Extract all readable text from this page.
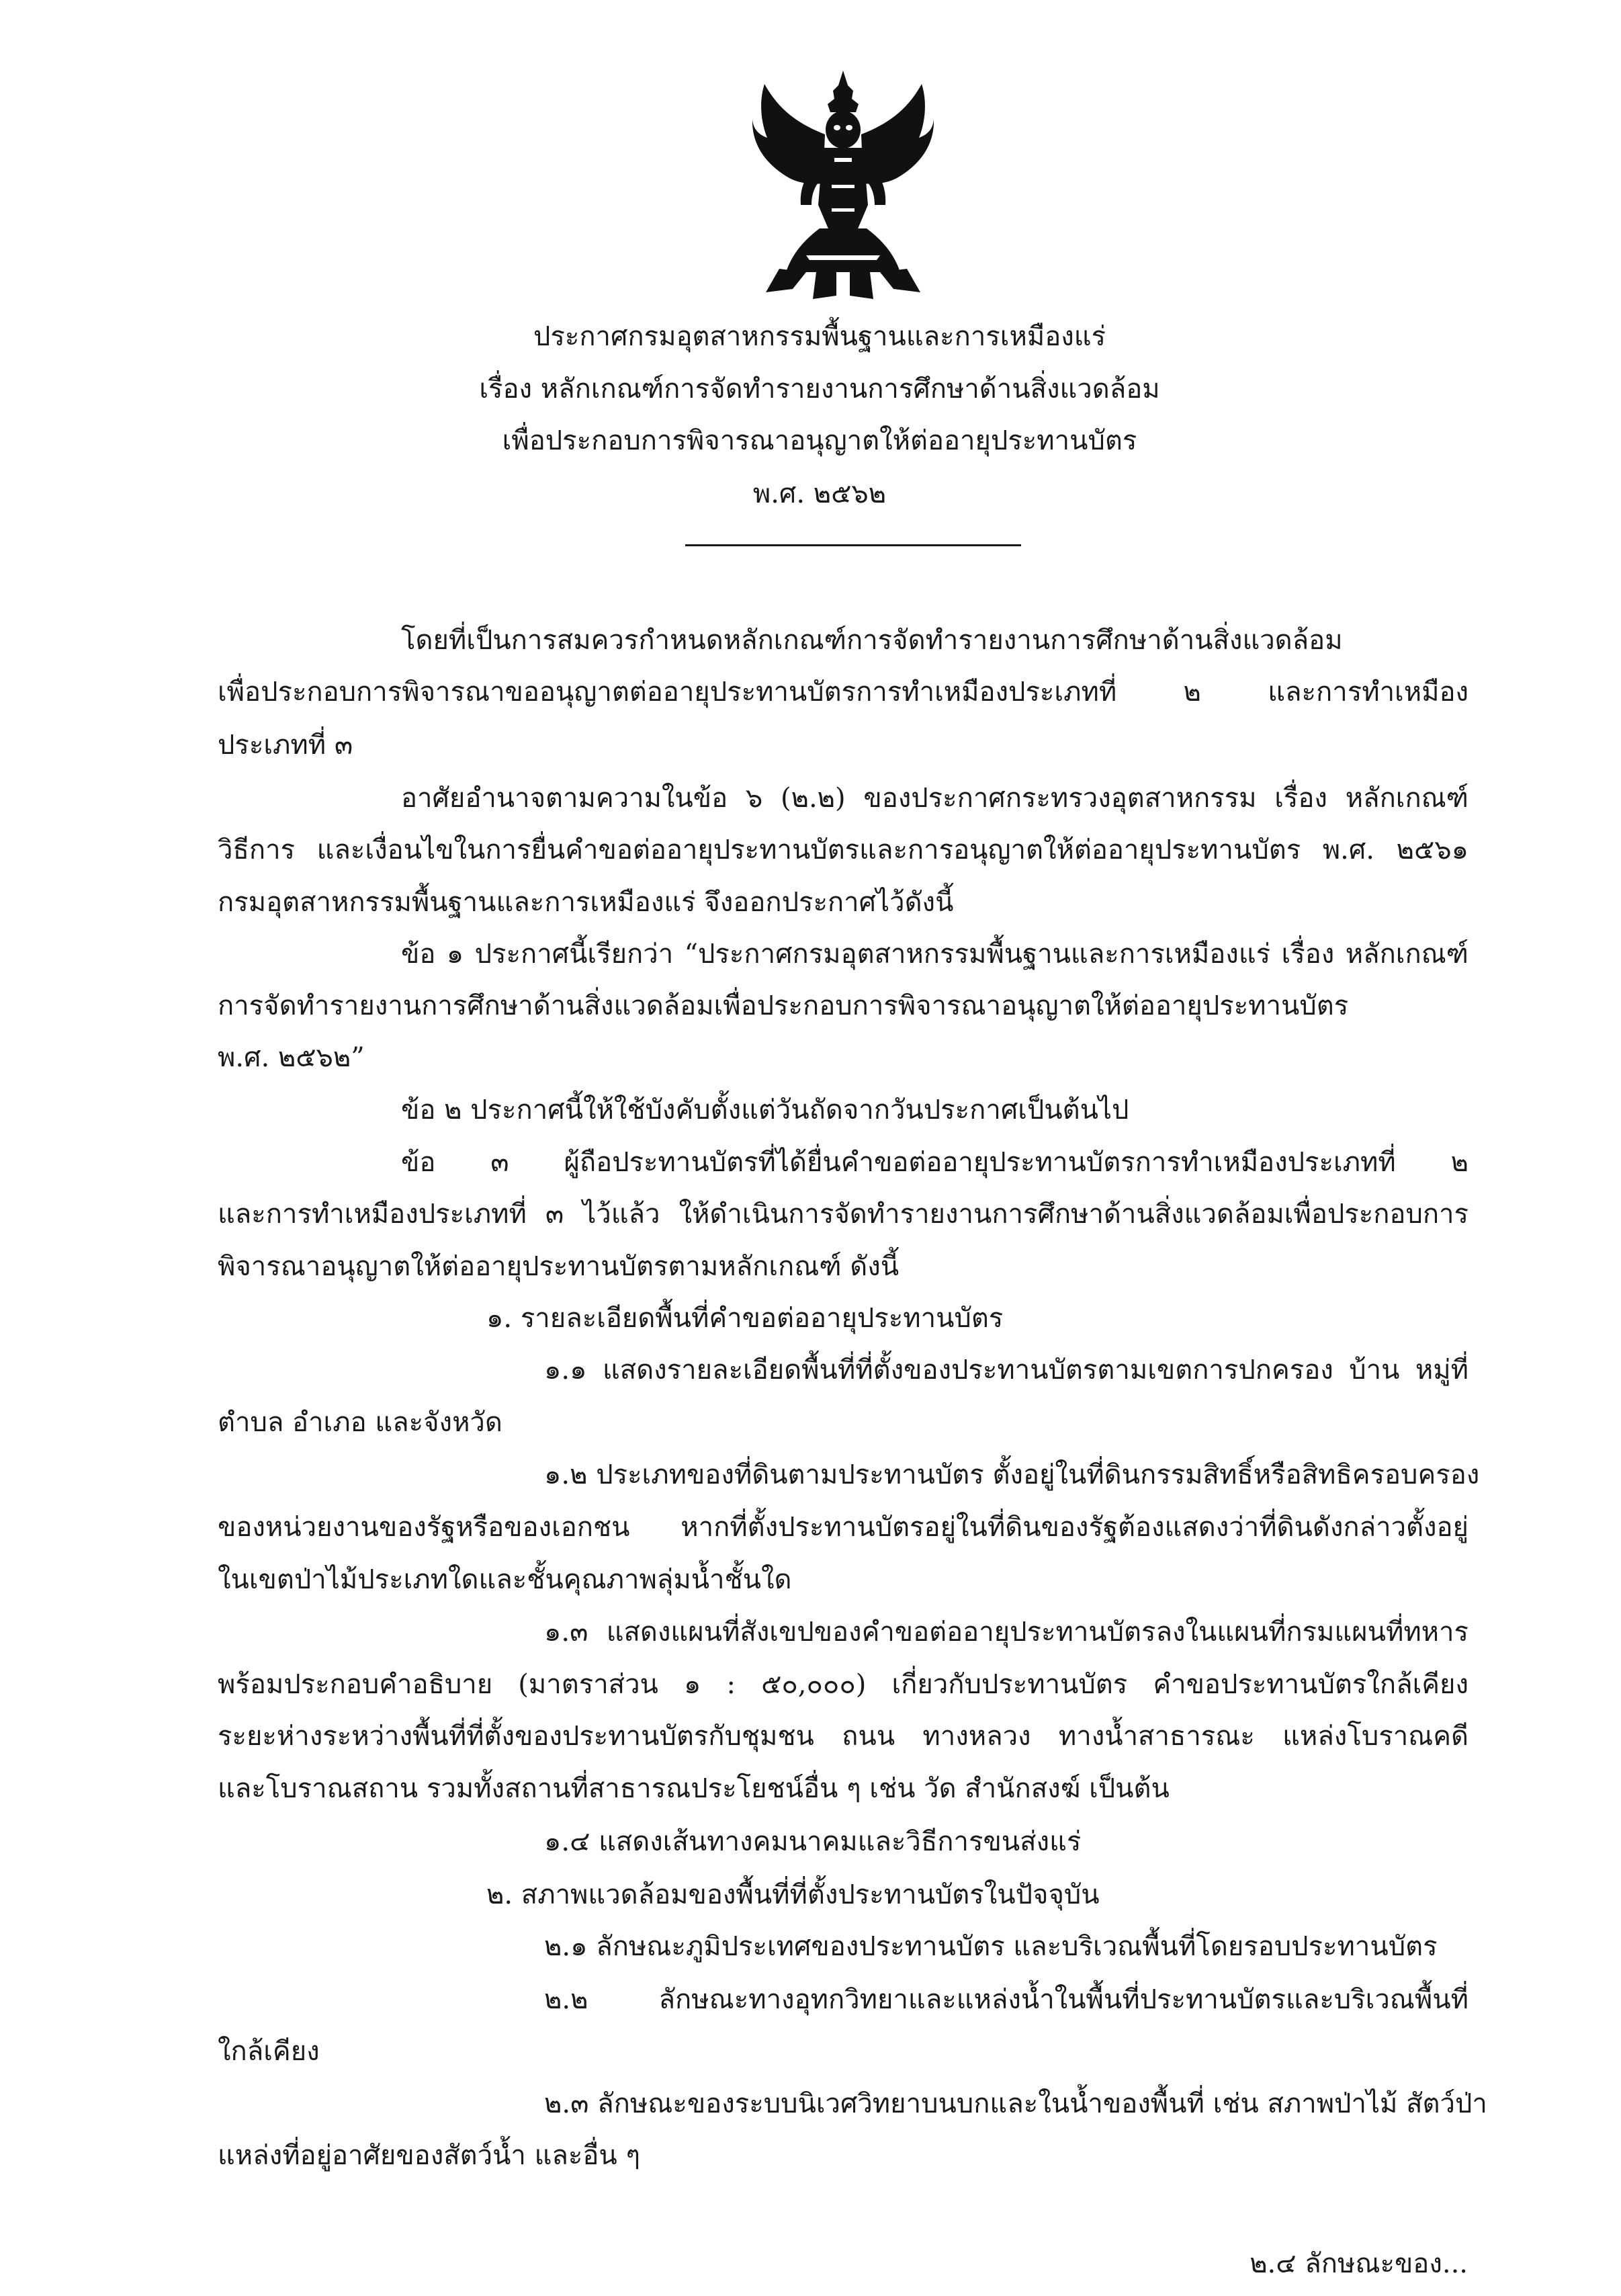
ประกาศกรมอุตสาหกรรมพื้นฐานและการเหมืองแร่
เรื่อง หลักเกณฑ์การจัดทำรายงานการศึกษาด้านสิ่งแวดล้อม
เพื่อประกอบการพิจารณาอนุญาตให้ต่ออายุประทานบัตร
พ.ศ. ๒๕๖๒
โดยที่เป็นการสมควรกำหนดหลักเกณฑ์การจัดทำรายงานการศึกษาด้านสิ่งแวดล้อม
เพื่อประกอบการพิจารณาขออนุญาตต่ออายุประทานบัตรการทำเหมืองประเภทที่ ๒ และการทำเหมือง
ประเภทที่ ๓
อาศัยอำนาจตามความในข้อ ๖ (๒.๒) ของประกาศกระทรวงอุตสาหกรรม เรื่อง หลักเกณฑ์
วิธีการ และเงื่อนไขในการยื่นคำขอต่ออายุประทานบัตรและการอนุญาตให้ต่ออายุประทานบัตร พ.ศ. ๒๕๖๑
กรมอุตสาหกรรมพื้นฐานและการเหมืองแร่ จึงออกประกาศไว้ดังนี้
ข้อ ๑ ประกาศนี้เรียกว่า “ประกาศกรมอุตสาหกรรมพื้นฐานและการเหมืองแร่ เรื่อง หลักเกณฑ์
การจัดทำรายงานการศึกษาด้านสิ่งแวดล้อมเพื่อประกอบการพิจารณาอนุญาตให้ต่ออายุประทานบัตร
พ.ศ. ๒๕๖๒”
ข้อ ๒ ประกาศนี้ให้ใช้บังคับตั้งแต่วันถัดจากวันประกาศเป็นต้นไป
ข้อ ๓ ผู้ถือประทานบัตรที่ได้ยื่นคำขอต่ออายุประทานบัตรการทำเหมืองประเภทที่ ๒
และการทำเหมืองประเภทที่ ๓ ไว้แล้ว ให้ดำเนินการจัดทำรายงานการศึกษาด้านสิ่งแวดล้อมเพื่อประกอบการ
พิจารณาอนุญาตให้ต่ออายุประทานบัตรตามหลักเกณฑ์ ดังนี้
๑. รายละเอียดพื้นที่คำขอต่ออายุประทานบัตร
๑.๑ แสดงรายละเอียดพื้นที่ที่ตั้งของประทานบัตรตามเขตการปกครอง บ้าน หมู่ที่
ตำบล อำเภอ และจังหวัด
๑.๒ ประเภทของที่ดินตามประทานบัตร ตั้งอยู่ในที่ดินกรรมสิทธิ์หรือสิทธิครอบครอง
ของหน่วยงานของรัฐหรือของเอกชน หากที่ตั้งประทานบัตรอยู่ในที่ดินของรัฐต้องแสดงว่าที่ดินดังกล่าวตั้งอยู่
ในเขตป่าไม้ประเภทใดและชั้นคุณภาพลุ่มน้ำชั้นใด
๑.๓ แสดงแผนที่สังเขปของคำขอต่ออายุประทานบัตรลงในแผนที่กรมแผนที่ทหาร
พร้อมประกอบคำอธิบาย (มาตราส่วน ๑ : ๕๐,๐๐๐) เกี่ยวกับประทานบัตร คำขอประทานบัตรใกล้เคียง
ระยะห่างระหว่างพื้นที่ที่ตั้งของประทานบัตรกับชุมชน ถนน ทางหลวง ทางน้ำสาธารณะ แหล่งโบราณคดี
และโบราณสถาน รวมทั้งสถานที่สาธารณประโยชน์อื่น ๆ เช่น วัด สำนักสงฆ์ เป็นต้น
๑.๔ แสดงเส้นทางคมนาคมและวิธีการขนส่งแร่
๒. สภาพแวดล้อมของพื้นที่ที่ตั้งประทานบัตรในปัจจุบัน
๒.๑ ลักษณะภูมิประเทศของประทานบัตร และบริเวณพื้นที่โดยรอบประทานบัตร
๒.๒ ลักษณะทางอุทกวิทยาและแหล่งน้ำในพื้นที่ประทานบัตรและบริเวณพื้นที่
ใกล้เคียง
๒.๓ ลักษณะของระบบนิเวศวิทยาบนบกและในน้ำของพื้นที่ เช่น สภาพป่าไม้ สัตว์ป่า
แหล่งที่อยู่อาศัยของสัตว์น้ำ และอื่น ๆ
๒.๔ ลักษณะของ...
